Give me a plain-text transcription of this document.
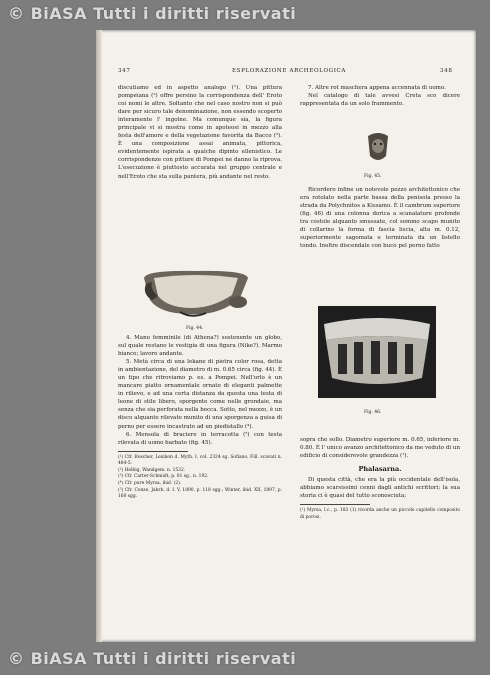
© BiASA Tutti i diritti riservati
© BiASA Tutti i diritti riservati
347	ESPLORAZIONE ARCHEOLOGICA	348

discutiamo ed in aspetto analogo (¹). Una pittura pompeiana (²) offre persino la corrispondenza dell' Eroto coi nomi le altre. Soltanto che nel caso nostro non si può dare per sicuro tale denominazione, non essendo scoperto interamente l' ingolne. Ma comunque sia, la figura principale vi si mostra come in apoteosi in mezzo alla festa dell'amore e della vegetazione favorita da Bacco (³). È una composizione assai animata, pittorica, evidentemente ispirata a qualche dipinto ellenistico. Le corrispondenze con pitture di Pompei ne danno la riprova. L'esecuzione è piuttosto accurata nel gruppo centrale e nell'Eroto che sta sulla pantera, più andante nel resto.

Fig. 44.

4. Mano femminile (di Athena?) sostenente un globo, sul quale restano le vestigia di una figura (Nike?). Marmo bianco; lavoro andante.

5. Metà circa di una lekane di pietra color rosa, detta in ambientazione, del diametro di m. 0.65 circa (fig. 44). È un tipo che ritroviamo p. es. a Pompei. Nell'orlo è un mancare piatto ornamentale ornato di eleganti palmette in rilievo, e ad una certa distanza da questa una testa di leone di stile libero, sporgente come nelle grondaie, ma senza che sia perforata nella bocca. Sotto, nel mezzo, è un disco alquanto rilevato munito di una sporgenza a guisa di perno per essere incastrato ad un piedistallo (⁴).

6. Mensola di braciere in terracotta (⁵) con testa rilevata di uomo barbato (fig. 45).

(¹) Cfr. Roscher, Lexikon d. Myth. I, col. 2324 sg. Sofiano, Fill. scavati n. 484-5.
(²) Helbig, Wandgem. n. 1532.
(³) Cfr. Carter-Schmidt, p. 81 sg., n. 192.
(⁴) Cfr. pure Myrsa, ibid. (2).
(⁵) Cfr. Conze, Jahrb. d. I. V, 1890, p. 118 sgg.; Winter, ibid. XII, 1897, p. 160 sgg.

7. Altre rot maschera appena accennata di uomo.

Nel catalogo di tale avvesi Creta sco dicere rappresentata da un solo frammento.

Fig. 45.

Ricordero infine un notevole pezzo architettonico che era rotolato nella parte bassa della penisola presso la strada da Polychnitos a Kissamo. È il cambrum superiore (fig. 46) di una colonna dorica a scanalature profonde tra costole alquanto smussate, col sommo scapo munito di collarino la forma di fascia liscia, alta m. 0.12, superiormente sagomata e terminata da un listello tondo. Inoltre discendale con buco pel perno fatto

Fig. 46.

sopra che sollo. Diametro superiore m. 0.65, inferiore m. 0.80. È l' unico avanzo architettonico da me veduto di un edificio di considerevole grandezza (¹).

Phalasarna.

Di questa città, che era la più occidentale dell'isola, abbiamo scarsissimi cenni dagli antichi scrittori; la sua storia ci è quasi del tutto sconosciuta;

(¹) Myrsa, l.c., p. 183 (1) ricorda anche un piccolo capitello composito di porosi.
